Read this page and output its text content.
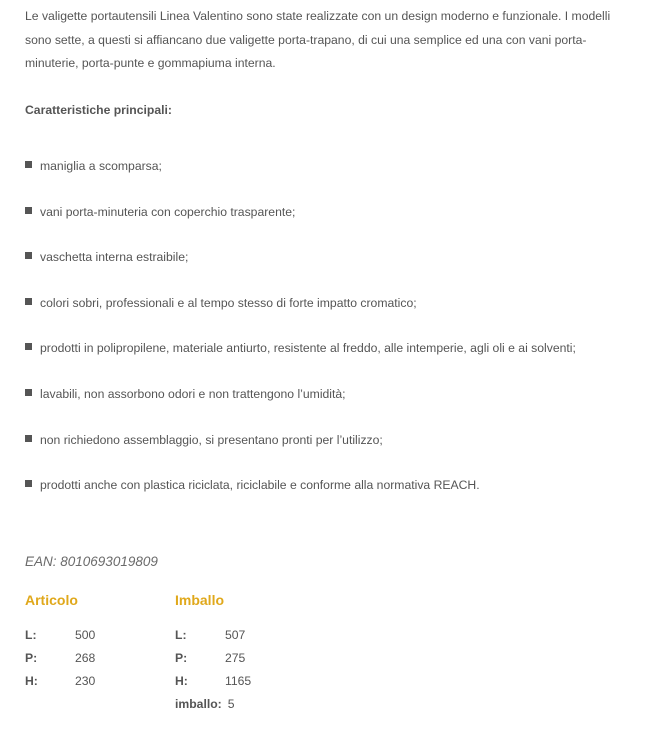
Le valigette portautensili Linea Valentino sono state realizzate con un design moderno e funzionale. I modelli sono sette, a questi si affiancano due valigette porta-trapano, di cui una semplice ed una con vani porta-minuterie, porta-punte e gommapiuma interna.

Caratteristiche principali:

maniglia a scomparsa;
vani porta-minuteria con coperchio trasparente;
vaschetta interna estraibile;
colori sobri, professionali e al tempo stesso di forte impatto cromatico;
prodotti in polipropilene, materiale antiurto, resistente al freddo, alle intemperie, agli oli e ai solventi;
lavabili, non assorbono odori e non trattengono l’umidità;
non richiedono assemblaggio, si presentano pronti per l’utilizzo;
prodotti anche con plastica riciclata, riciclabile e conforme alla normativa REACH.
EAN: 8010693019809

Articolo

L:	500
P:	268
H:	230

Imballo

L:	507
P:	275
H:	1165
imballo: 5
